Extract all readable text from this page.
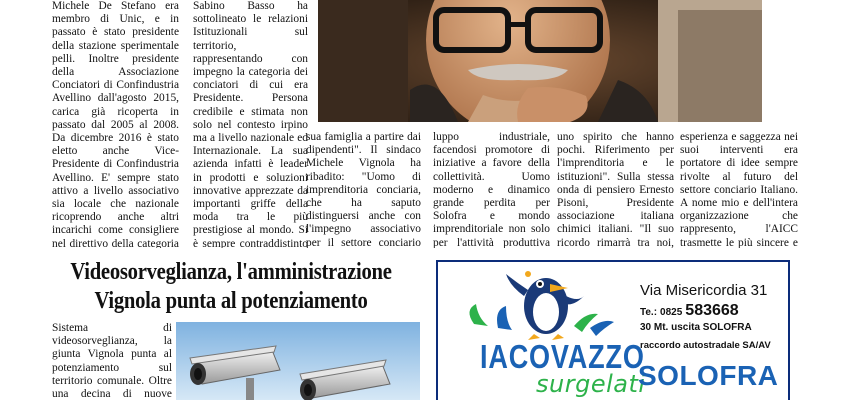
Michele De Stefano era membro di Unic, e in passato è stato presidente della stazione sperimentale pelli. Inoltre presidente della Associazione Conciatori di Confindustria Avellino dall'agosto 2015, carica già ricoperta in passato dal 2005 al 2008. Da dicembre 2016 è stato eletto anche Vice-Presidente di Confindustria Avellino. E' sempre stato attivo a livello associativo sia locale che nazionale ricoprendo anche altri incarichi come consigliere nel direttivo della categoria

Sabino Basso ha sottolineato le relazioni Istituzionali sul territorio, rappresentando con impegno la categoria dei conciatori di cui era Presidente. Persona credibile e stimata non solo nel contesto irpino ma a livello nazionale ed Internazionale. La sua azienda infatti è leader in prodotti e soluzioni innovative apprezzate da importanti griffe della moda tra le più prestigiose al mondo. Si è sempre contraddistinto

sua famiglia a partire dai dipendenti". Il sindaco Michele Vignola ha ribadito: "Uomo di imprenditoria conciaria, che ha saputo distinguersi anche con l'impegno associativo per il settore conciario

luppo industriale, facendosi promotore di iniziative a favore della collettività. Uomo moderno e dinamico grande perdita per Solofra e mondo imprenditoriale non solo per l'attività produttiva

uno spirito che hanno pochi. Riferimento per l'imprenditoria e le istituzioni". Sulla stessa onda di pensiero Ernesto Pisoni, Presidente associazione italiana chimici italiani. "Il suo ricordo rimarrà tra noi,

esperienza e saggezza nei suoi interventi era portatore di idee sempre rivolte al futuro del settore conciario Italiano. A nome mio e dell'intera organizzazione che rappresento, l'AICC trasmette le più sincere e

Videosorveglianza, l'amministrazione
Vignola punta al potenziamento

Sistema di videosorveglianza, la giunta Vignola punta al potenziamento sul territorio comunale. Oltre una decina di nuove

IACOVAZZO
surgelati
Via Misericordia 31
Te.: 0825 583668
30 Mt. uscita SOLOFRA
raccordo autostradale SA/AV
SOLOFRA
